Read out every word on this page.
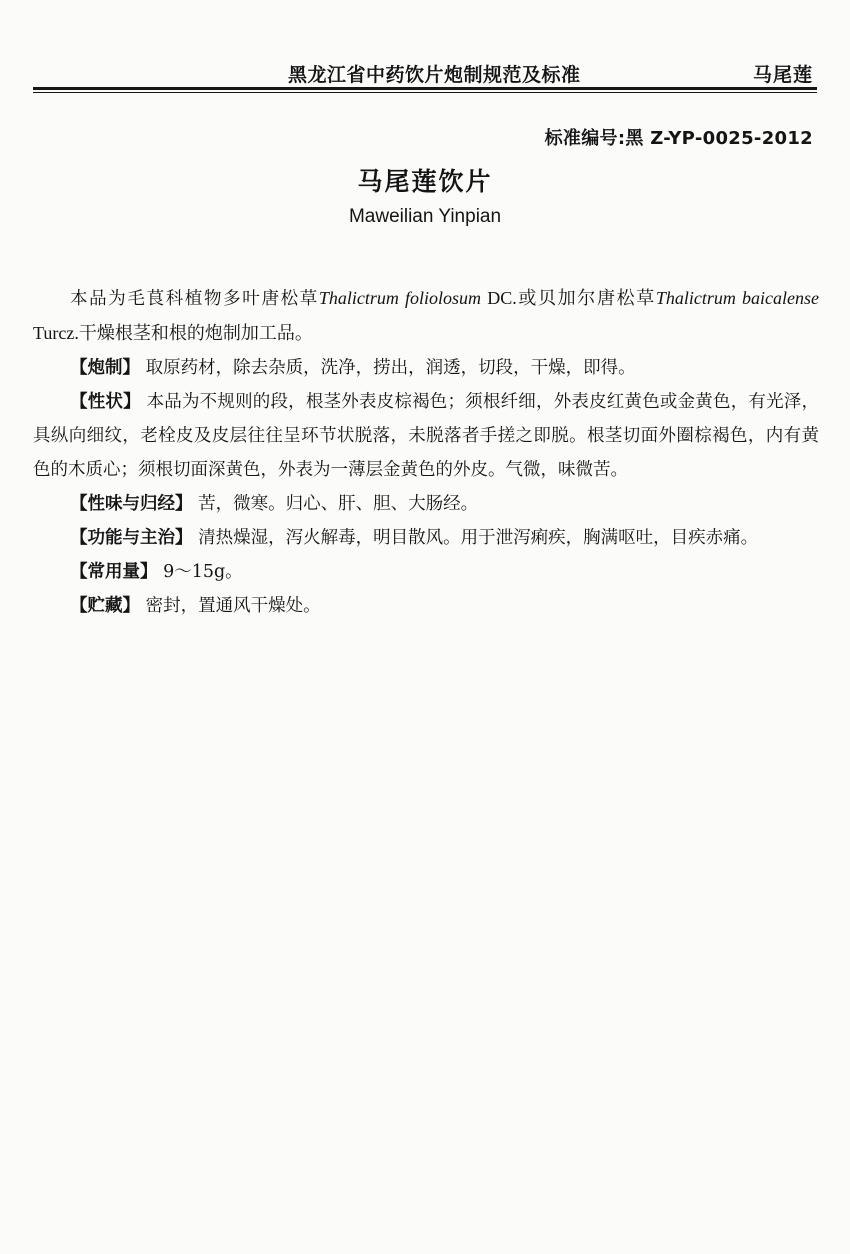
黑龙江省中药饮片炮制规范及标准	马尾莲
标准编号:黑 Z-YP-0025-2012
马尾莲饮片
Maweilian Yinpian

本品为毛茛科植物多叶唐松草Thalictrum foliolosum DC.或贝加尔唐松草Thalictrum baicalense Turcz.干燥根茎和根的炮制加工品。

【炮制】 取原药材，除去杂质，洗净，捞出，润透，切段，干燥，即得。

【性状】 本品为不规则的段，根茎外表皮棕褐色；须根纤细，外表皮红黄色或金黄色，有光泽，具纵向细纹，老栓皮及皮层往往呈环节状脱落，未脱落者手搓之即脱。根茎切面外圈棕褐色，内有黄色的木质心；须根切面深黄色，外表为一薄层金黄色的外皮。气微，味微苦。

【性味与归经】 苦，微寒。归心、肝、胆、大肠经。

【功能与主治】 清热燥湿，泻火解毒，明目散风。用于泄泻痢疾，胸满呕吐，目疾赤痛。

【常用量】 9～15g。

【贮藏】 密封，置通风干燥处。
